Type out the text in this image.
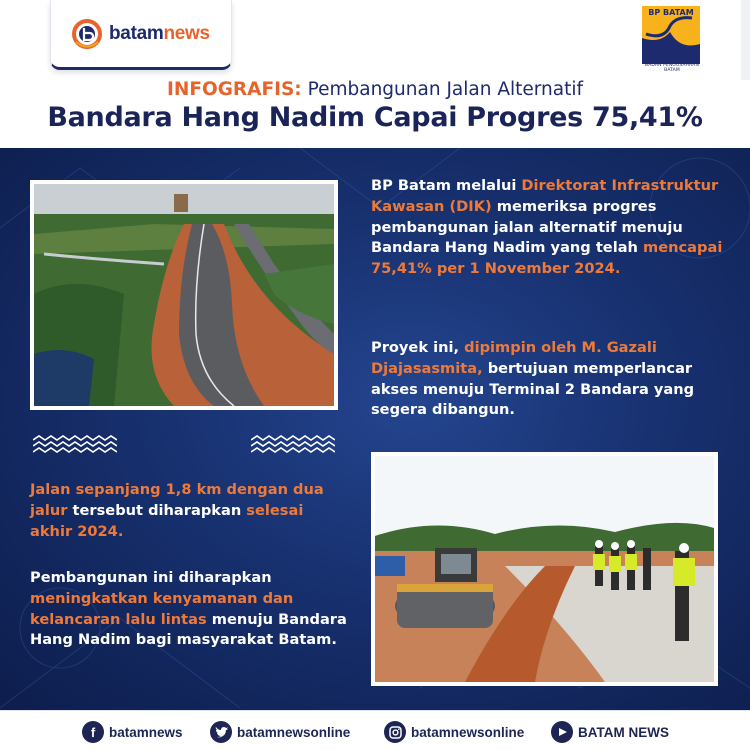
batamnews
BP BATAM
BADAN PENGUSAHAAN BATAM
INFOGRAFIS: Pembangunan Jalan Alternatif
Bandara Hang Nadim Capai Progres 75,41%
BP Batam melalui Direktorat Infrastruktur Kawasan (DIK) memeriksa progres pembangunan jalan alternatif menuju Bandara Hang Nadim yang telah mencapai 75,41% per 1 November 2024.
Proyek ini, dipimpin oleh M. Gazali Djajasasmita, bertujuan memperlancar akses menuju Terminal 2 Bandara yang segera dibangun.
Jalan sepanjang 1,8 km dengan dua jalur tersebut diharapkan selesai akhir 2024.
Pembangunan ini diharapkan meningkatkan kenyamanan dan kelancaran lalu lintas menuju Bandara Hang Nadim bagi masyarakat Batam.
f	batamnews	batamnewsonline	batamnewsonline	BATAM NEWS
